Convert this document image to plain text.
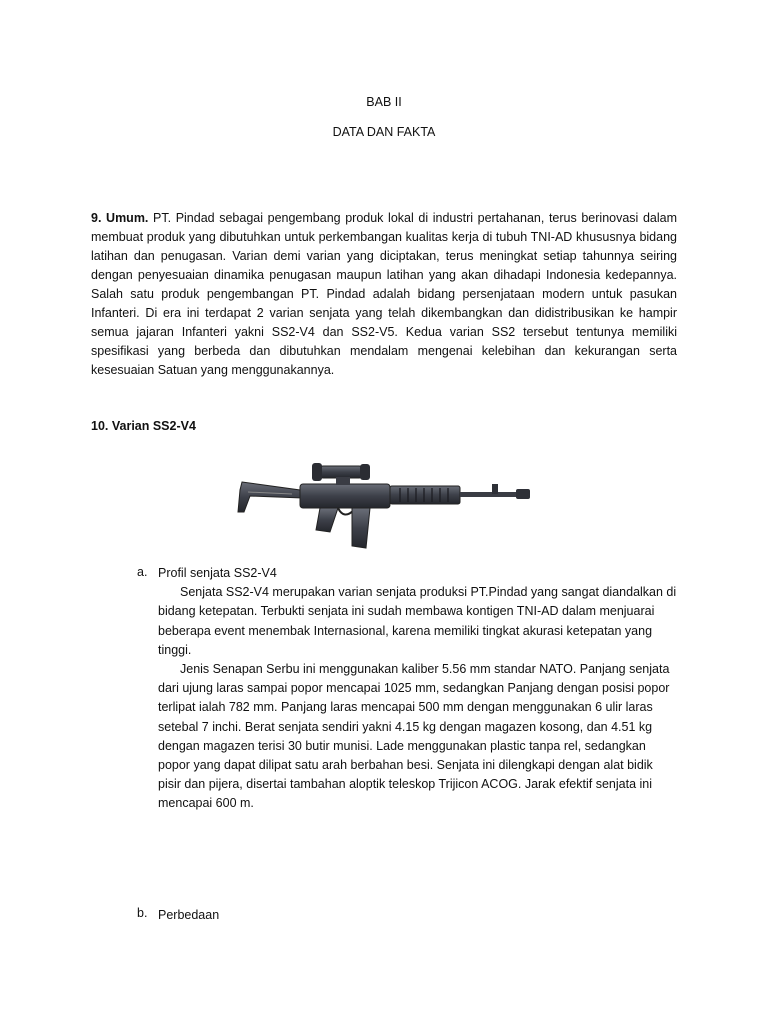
BAB II
DATA DAN FAKTA
9. Umum. PT. Pindad sebagai pengembang produk lokal di industri pertahanan, terus berinovasi dalam membuat produk yang dibutuhkan untuk perkembangan kualitas kerja di tubuh TNI-AD khususnya bidang latihan dan penugasan. Varian demi varian yang diciptakan, terus meningkat setiap tahunnya seiring dengan penyesuaian dinamika penugasan maupun latihan yang akan dihadapi Indonesia kedepannya. Salah satu produk pengembangan PT. Pindad adalah bidang persenjataan modern untuk pasukan Infanteri. Di era ini terdapat 2 varian senjata yang telah dikembangkan dan didistribusikan ke hampir semua jajaran Infanteri yakni SS2-V4 dan SS2-V5. Kedua varian SS2 tersebut tentunya memiliki spesifikasi yang berbeda dan dibutuhkan mendalam mengenai kelebihan dan kekurangan serta kesesuaian Satuan yang menggunakannya.
10. Varian SS2-V4
a. Profil senjata SS2-V4

Senjata SS2-V4 merupakan varian senjata produksi PT.Pindad yang sangat diandalkan di bidang ketepatan. Terbukti senjata ini sudah membawa kontigen TNI-AD dalam menjuarai beberapa event menembak Internasional, karena memiliki tingkat akurasi ketepatan yang tinggi.

Jenis Senapan Serbu ini menggunakan kaliber 5.56 mm standar NATO. Panjang senjata dari ujung laras sampai popor mencapai 1025 mm, sedangkan Panjang dengan posisi popor terlipat ialah 782 mm. Panjang laras mencapai 500 mm dengan menggunakan 6 ulir laras setebal 7 inchi. Berat senjata sendiri yakni 4.15 kg dengan magazen kosong, dan 4.51 kg dengan magazen terisi 30 butir munisi. Lade menggunakan plastic tanpa rel, sedangkan popor yang dapat dilipat satu arah berbahan besi. Senjata ini dilengkapi dengan alat bidik pisir dan pijera, disertai tambahan aloptik teleskop Trijicon ACOG. Jarak efektif senjata ini mencapai 600 m.

b. Perbedaan
